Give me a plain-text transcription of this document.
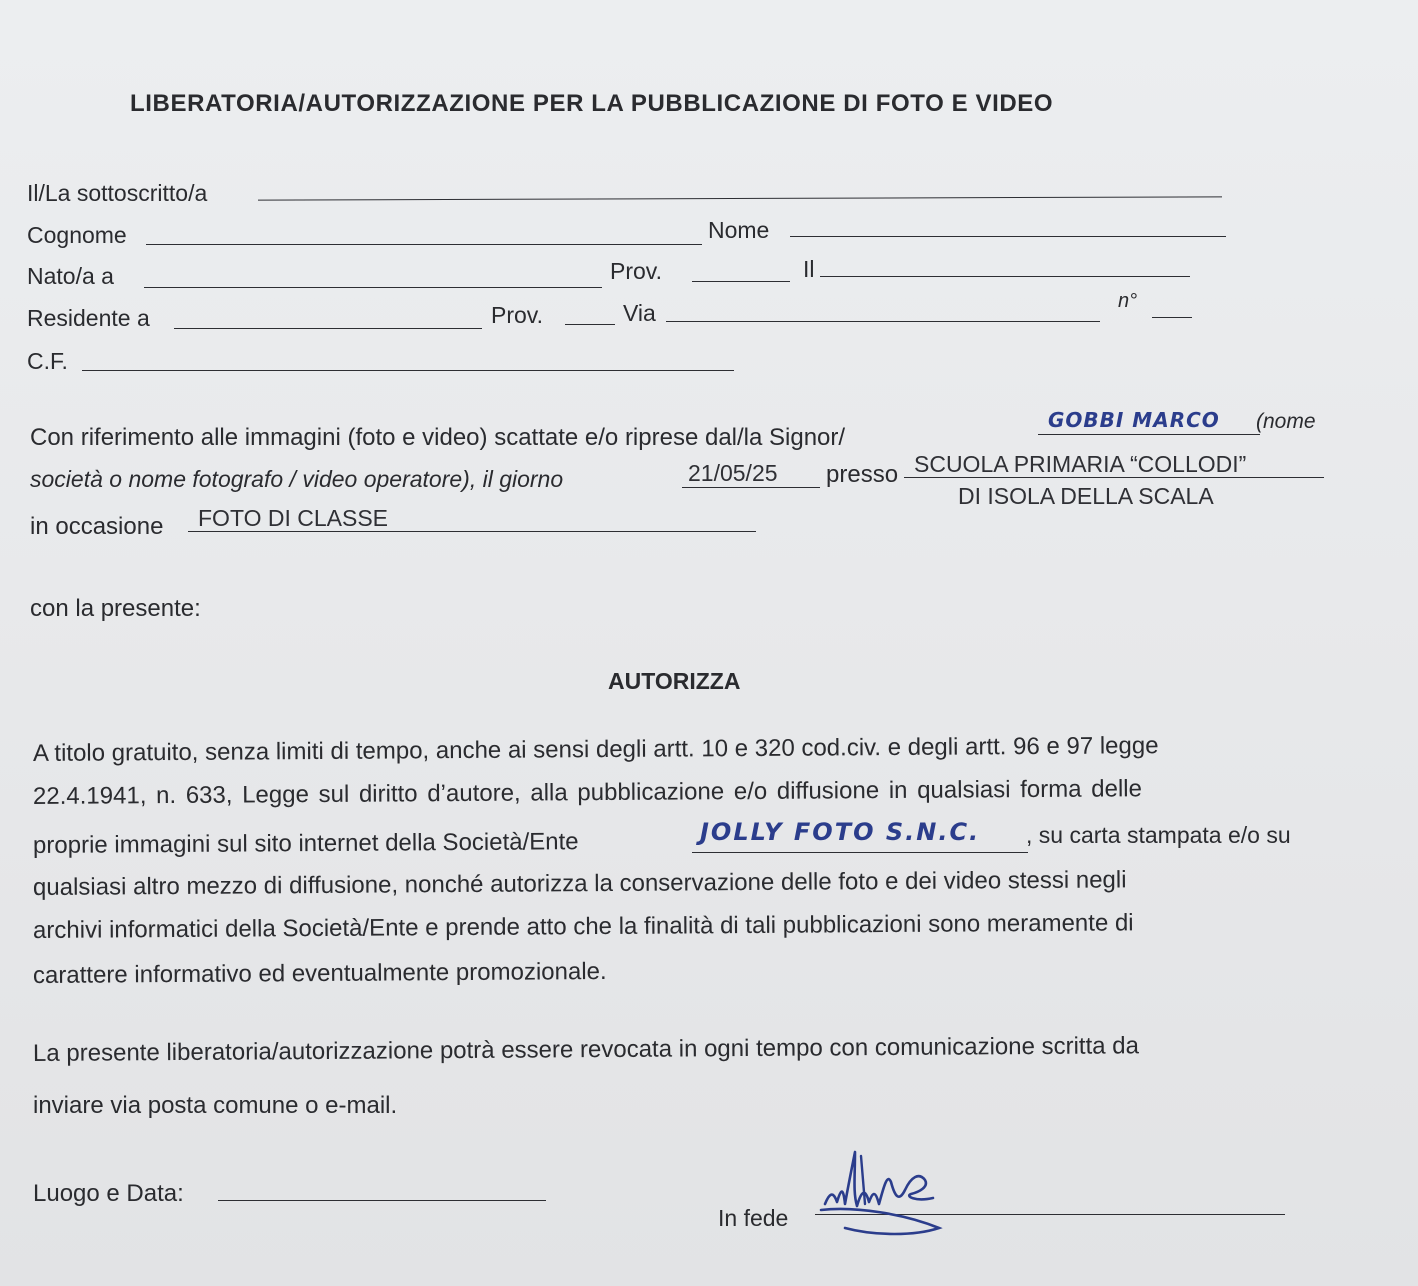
LIBERATORIA/AUTORIZZAZIONE PER LA PUBBLICAZIONE DI FOTO E VIDEO
Il/La sottoscritto/a
Cognome	Nome
Nato/a a	Prov.	Il
Residente a	Prov.	Via	n°
C.F.
Con riferimento alle immagini (foto e video) scattate e/o riprese dal/la Signor/
GOBBI MARCO (nome
società o nome fotografo / video operatore), il giorno	21/05/25 presso SCUOLA PRIMARIA “COLLODI”
DI ISOLA DELLA SCALA
in occasione FOTO DI CLASSE
con la presente:
AUTORIZZA
A titolo gratuito, senza limiti di tempo, anche ai sensi degli artt. 10 e 320 cod.civ. e degli artt. 96 e 97 legge
22.4.1941, n. 633, Legge sul diritto d’autore, alla pubblicazione e/o diffusione in qualsiasi forma delle
proprie immagini sul sito internet della Società/Ente	JOLLY FOTO S.N.C. , su carta stampata e/o su
qualsiasi altro mezzo di diffusione, nonché autorizza la conservazione delle foto e dei video stessi negli
archivi informatici della Società/Ente e prende atto che la finalità di tali pubblicazioni sono meramente di
carattere informativo ed eventualmente promozionale.
La presente liberatoria/autorizzazione potrà essere revocata in ogni tempo con comunicazione scritta da
inviare via posta comune o e-mail.
Luogo e Data:
In fede
